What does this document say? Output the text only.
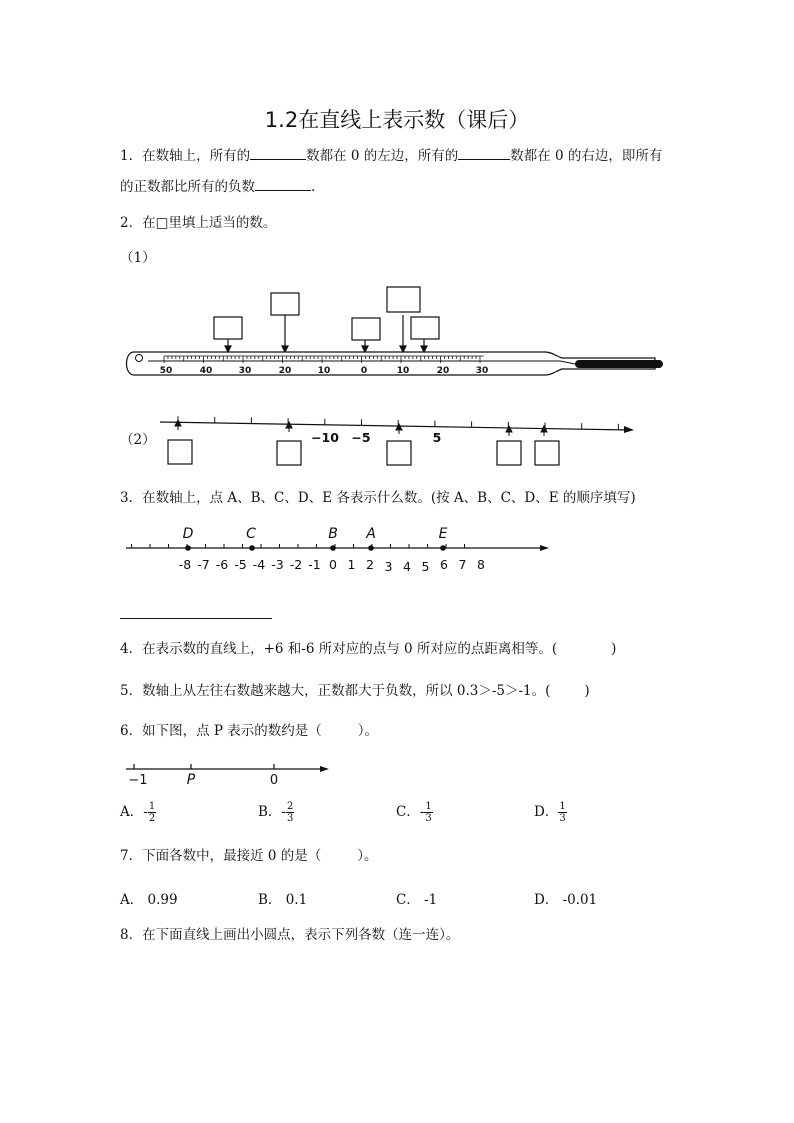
1.2在直线上表示数（课后）
1．在数轴上，所有的	数都在 0 的左边，所有的	数都在 0 的右边，即所有
的正数都比所有的负数	.
2．在□里填上适当的数。
（1）
50	40	30	20	10	0	10	20	30
（2）	−10 −5	5
3．在数轴上，点 A、B、C、D、E 各表示什么数。(按 A、B、C、D、E 的顺序填写)
D	C	B A	E
-8 -7 -6 -5 -4 -3 -2 -1 0 1 2 3 4 5 6 7 8
4．在表示数的直线上，+6 和-6 所对应的点与 0 所对应的点距离相等。(	)
5．数轴上从左往右数越来越大，正数都大于负数，所以 0.3＞-5＞-1。(	)
6．如下图，点 P 表示的数约是（	）。
−1	P	0
A．- $\frac{1}{2}$	B．- $\frac{2}{3}$	C．- $\frac{1}{3}$	D． $\frac{1}{3}$
7．下面各数中，最接近 0 的是（	）。
A． 0.99	B． 0.1	C． -1	D． -0.01
8．在下面直线上画出小圆点，表示下列各数（连一连）。
